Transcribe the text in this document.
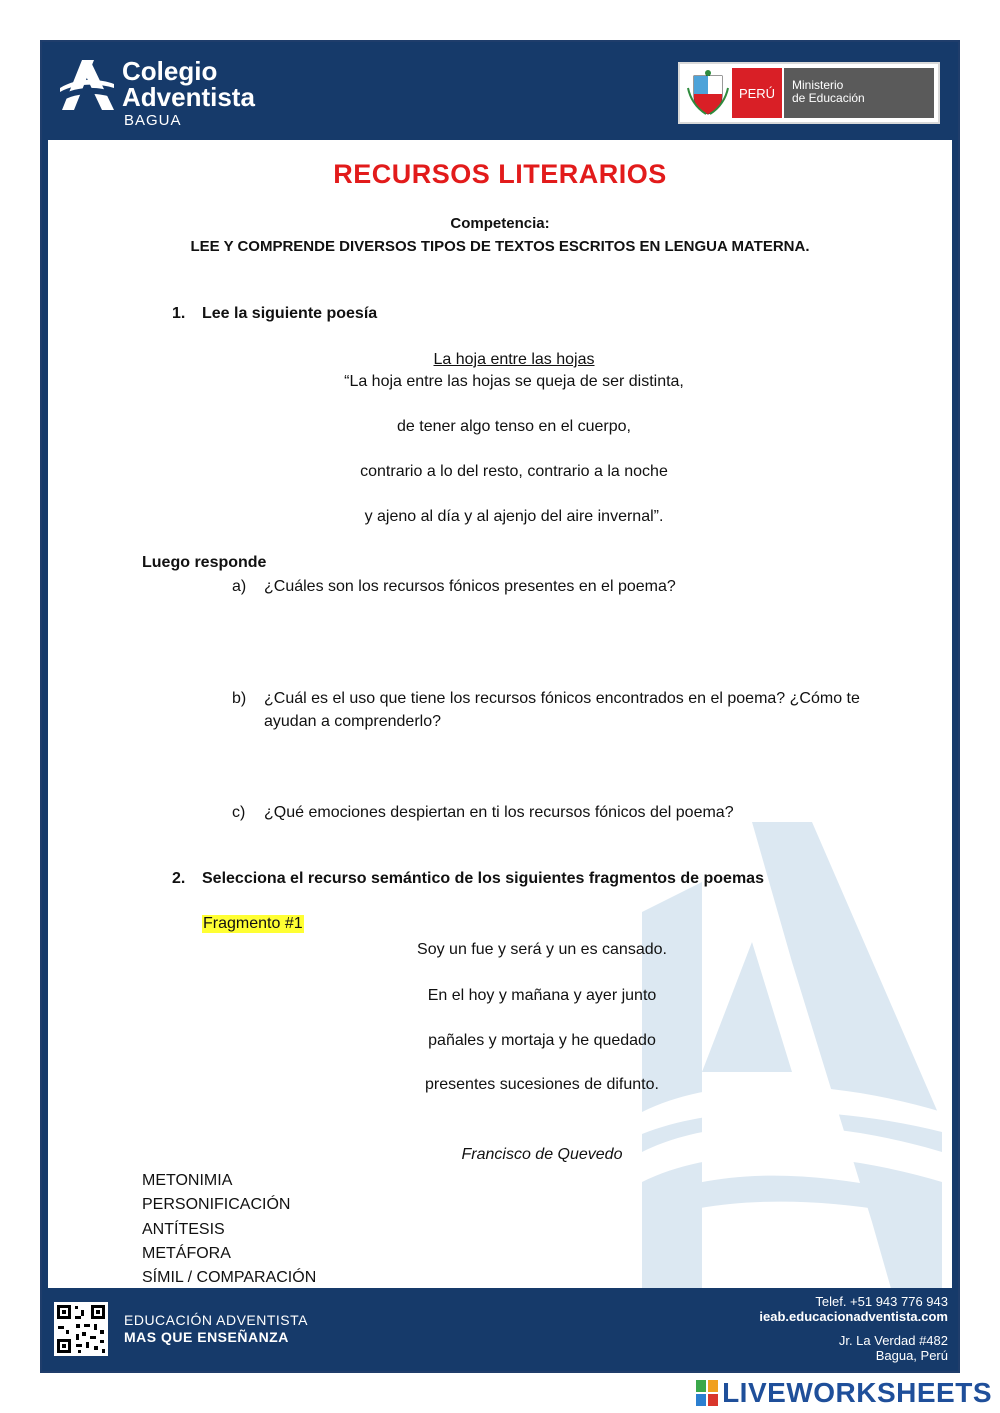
Colegio
Adventista
BAGUA
PERÚ
Ministerio
de Educación
RECURSOS LITERARIOS
Competencia:
LEE Y COMPRENDE DIVERSOS TIPOS DE TEXTOS ESCRITOS EN LENGUA MATERNA.
1. Lee la siguiente poesía
La hoja entre las hojas
“La hoja entre las hojas se queja de ser distinta,
de tener algo tenso en el cuerpo,
contrario a lo del resto, contrario a la noche
y ajeno al día y al ajenjo del aire invernal”.
Luego responde
a) ¿Cuáles son los recursos fónicos presentes en el poema?
b) ¿Cuál es el uso que tiene los recursos fónicos encontrados en el poema? ¿Cómo te ayudan a comprenderlo?
c) ¿Qué emociones despiertan en ti los recursos fónicos del poema?
2. Selecciona el recurso semántico de los siguientes fragmentos de poemas
Fragmento #1
Soy un fue y será y un es cansado.
En el hoy y mañana y ayer junto
pañales y mortaja y he quedado
presentes sucesiones de difunto.
Francisco de Quevedo
METONIMIA
PERSONIFICACIÓN
ANTÍTESIS
METÁFORA
SÍMIL / COMPARACIÓN
EDUCACIÓN ADVENTISTA
MAS QUE ENSEÑANZA
Telef. +51 943 776 943
ieab.educacionadventista.com
Jr. La Verdad #482
Bagua, Perú
LIVEWORKSHEETS
